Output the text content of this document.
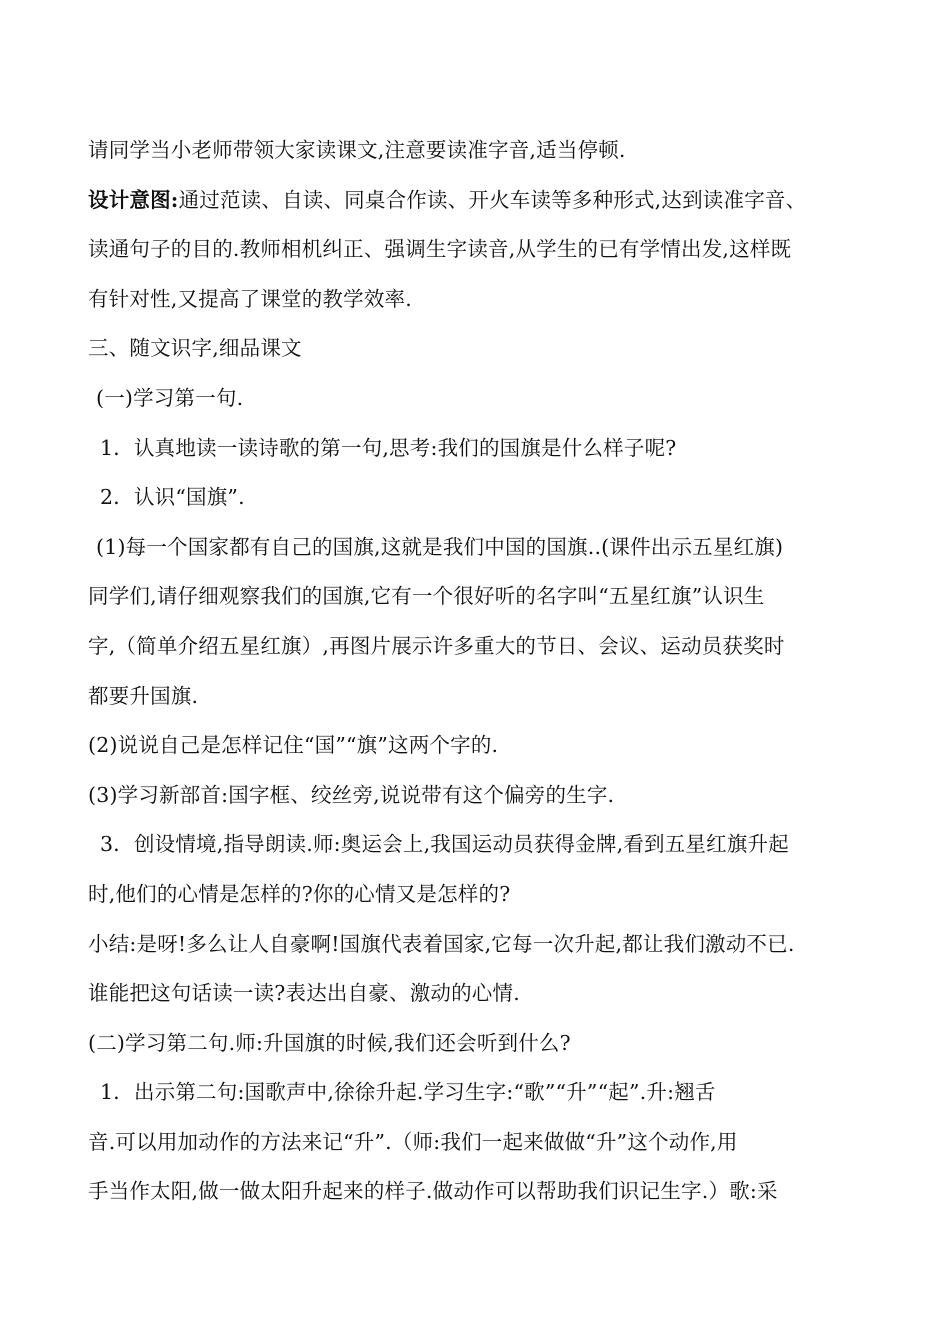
请同学当小老师带领大家读课文,注意要读准字音,适当停顿.
设计意图:通过范读、自读、同桌合作读、开火车读等多种形式,达到读准字音、
读通句子的目的.教师相机纠正、强调生字读音,从学生的已有学情出发,这样既
有针对性,又提高了课堂的教学效率.
三、随文识字,细品课文
(一)学习第一句.
1．认真地读一读诗歌的第一句,思考:我们的国旗是什么样子呢?
2．认识“国旗”.
(1)每一个国家都有自己的国旗,这就是我们中国的国旗..(课件出示五星红旗)
同学们,请仔细观察我们的国旗,它有一个很好听的名字叫“五星红旗”认识生
字,（简单介绍五星红旗）,再图片展示许多重大的节日、会议、运动员获奖时
都要升国旗.
(2)说说自己是怎样记住“国”“旗”这两个字的.
(3)学习新部首:国字框、绞丝旁,说说带有这个偏旁的生字.
3．创设情境,指导朗读.师:奥运会上,我国运动员获得金牌,看到五星红旗升起
时,他们的心情是怎样的?你的心情又是怎样的?
小结:是呀!多么让人自豪啊!国旗代表着国家,它每一次升起,都让我们激动不已.
谁能把这句话读一读?表达出自豪、激动的心情.
(二)学习第二句.师:升国旗的时候,我们还会听到什么?
1．出示第二句:国歌声中,徐徐升起.学习生字:“歌”“升”“起”.升:翘舌
音.可以用加动作的方法来记“升”.（师:我们一起来做做“升”这个动作,用
手当作太阳,做一做太阳升起来的样子.做动作可以帮助我们识记生字.）歌:采
